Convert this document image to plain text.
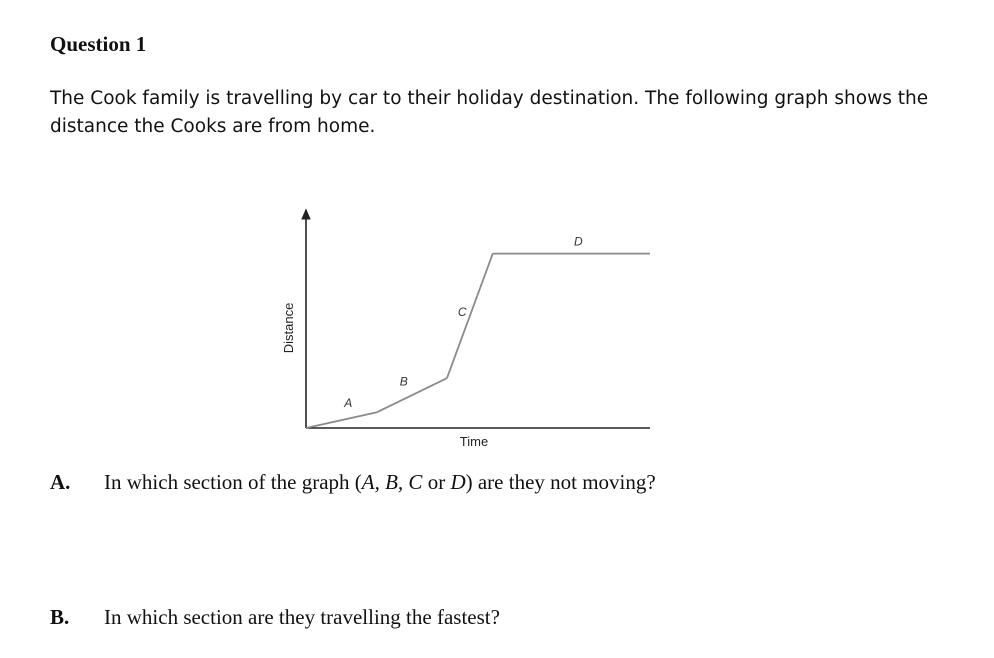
Question 1

The Cook family is travelling by car to their holiday destination. The following graph shows the distance the Cooks are from home.

A
B
C
D
Time
Distance

A. In which section of the graph (A, B, C or D) are they not moving?

B. In which section are they travelling the fastest?
